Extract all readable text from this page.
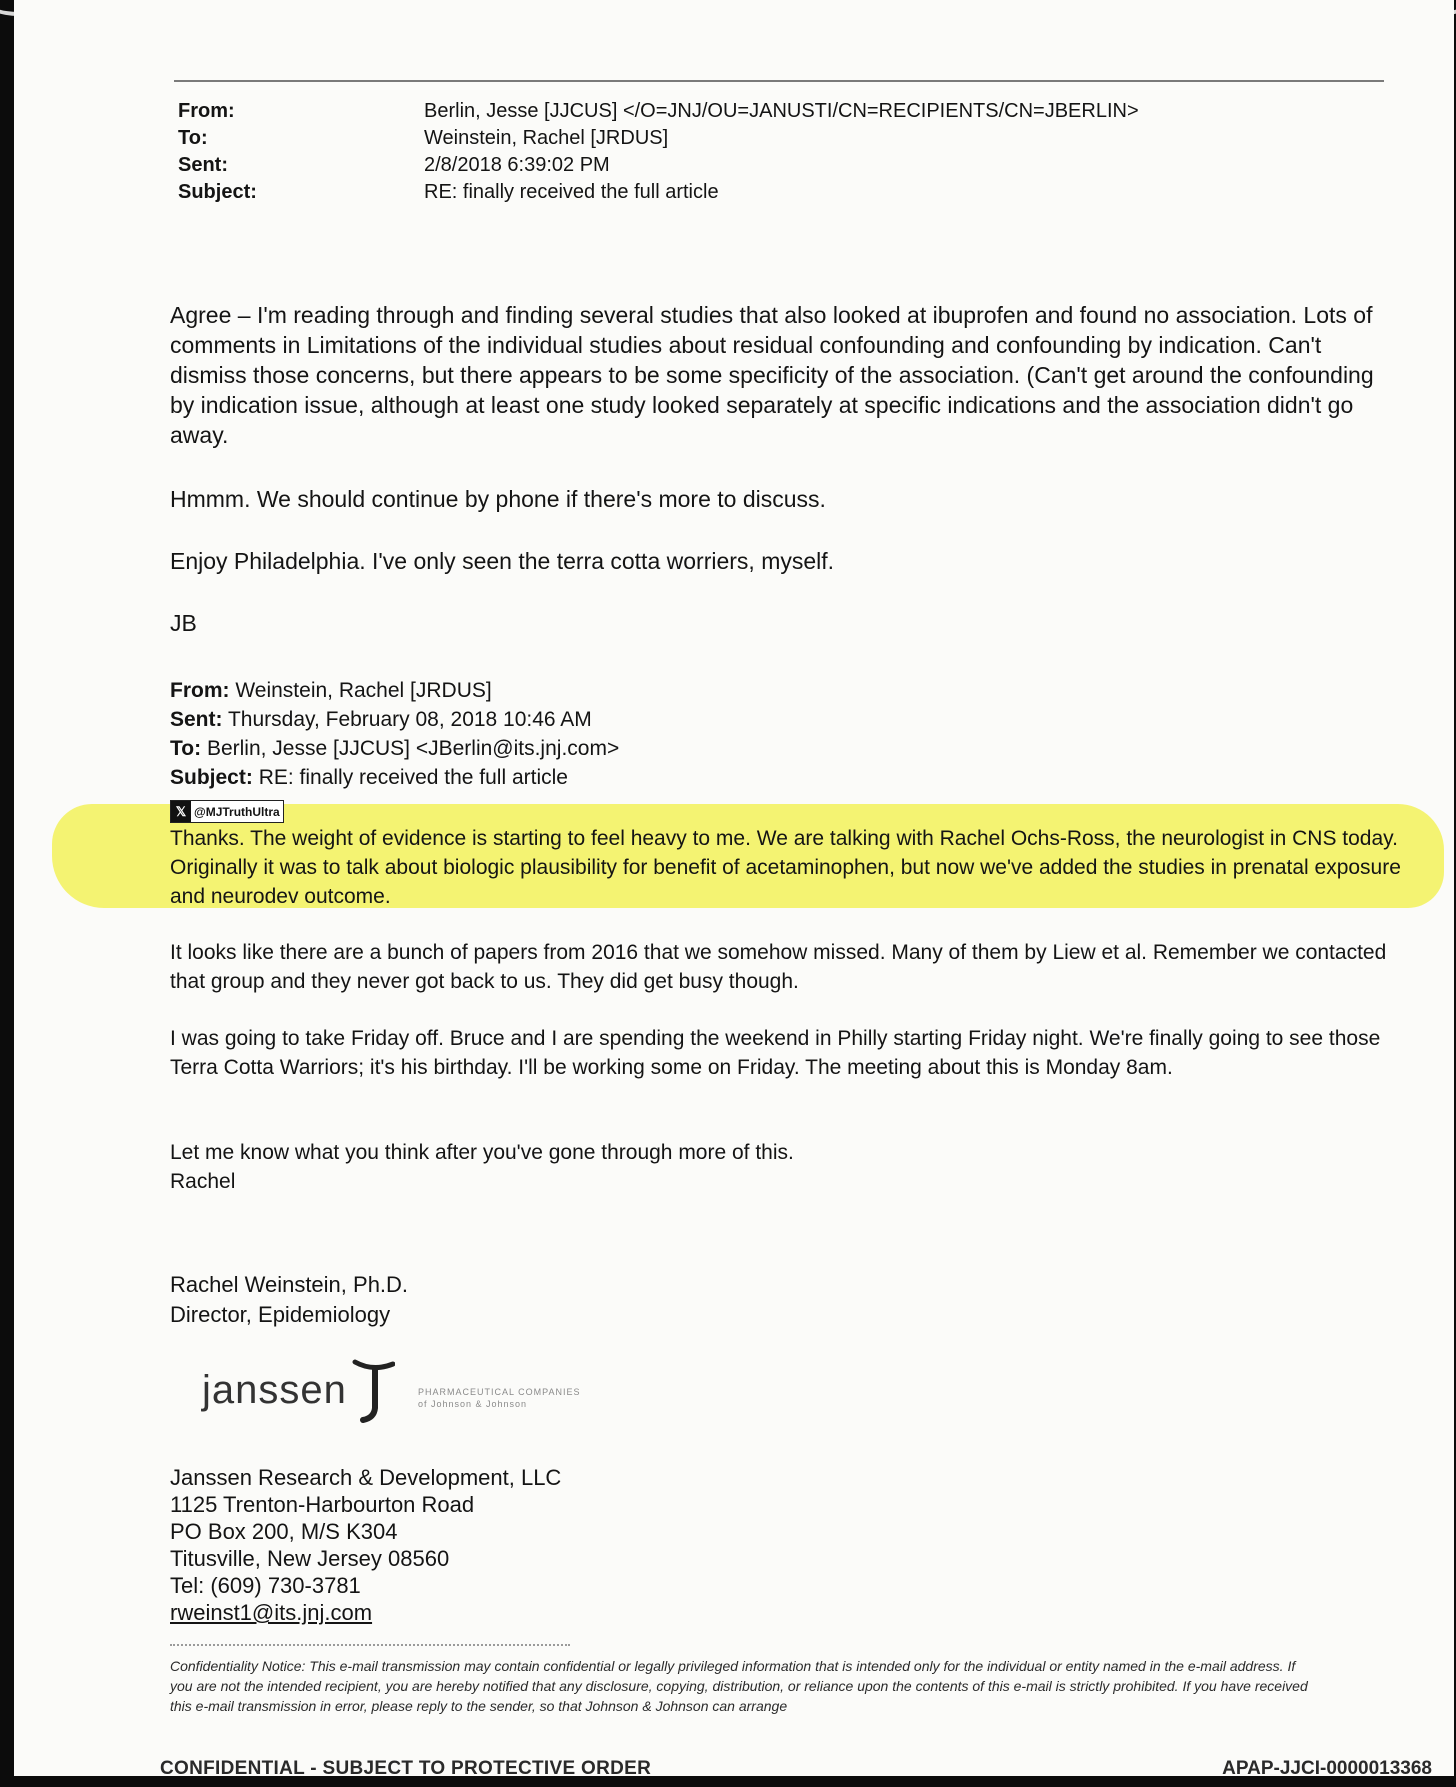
From:	Berlin, Jesse [JJCUS] </O=JNJ/OU=JANUSTI/CN=RECIPIENTS/CN=JBERLIN>
To:	Weinstein, Rachel [JRDUS]
Sent:	2/8/2018 6:39:02 PM
Subject:	RE: finally received the full article
Agree – I'm reading through and finding several studies that also looked at ibuprofen and found no association. Lots of comments in Limitations of the individual studies about residual confounding and confounding by indication. Can't dismiss those concerns, but there appears to be some specificity of the association. (Can't get around the confounding by indication issue, although at least one study looked separately at specific indications and the association didn't go away.
Hmmm. We should continue by phone if there's more to discuss.
Enjoy Philadelphia. I've only seen the terra cotta worriers, myself.
JB
From: Weinstein, Rachel [JRDUS]
Sent: Thursday, February 08, 2018 10:46 AM
To: Berlin, Jesse [JJCUS] <JBerlin@its.jnj.com>
Subject: RE: finally received the full article
𝕏 @MJTruthUltra
Thanks. The weight of evidence is starting to feel heavy to me. We are talking with Rachel Ochs-Ross, the neurologist in CNS today. Originally it was to talk about biologic plausibility for benefit of acetaminophen, but now we've added the studies in prenatal exposure and neurodev outcome.
It looks like there are a bunch of papers from 2016 that we somehow missed. Many of them by Liew et al. Remember we contacted that group and they never got back to us. They did get busy though.
I was going to take Friday off. Bruce and I are spending the weekend in Philly starting Friday night. We're finally going to see those Terra Cotta Warriors; it's his birthday. I'll be working some on Friday. The meeting about this is Monday 8am.
Let me know what you think after you've gone through more of this.
Rachel
Rachel Weinstein, Ph.D.
Director, Epidemiology
janssen	PHARMACEUTICAL COMPANIES
of Johnson & Johnson
Janssen Research & Development, LLC
1125 Trenton-Harbourton Road
PO Box 200, M/S K304
Titusville, New Jersey 08560
Tel: (609) 730-3781
rweinst1@its.jnj.com
Confidentiality Notice: This e-mail transmission may contain confidential or legally privileged information that is intended only for the individual or entity named in the e-mail address. If you are not the intended recipient, you are hereby notified that any disclosure, copying, distribution, or reliance upon the contents of this e-mail is strictly prohibited. If you have received this e-mail transmission in error, please reply to the sender, so that Johnson & Johnson can arrange
CONFIDENTIAL - SUBJECT TO PROTECTIVE ORDER	APAP-JJCI-0000013368
